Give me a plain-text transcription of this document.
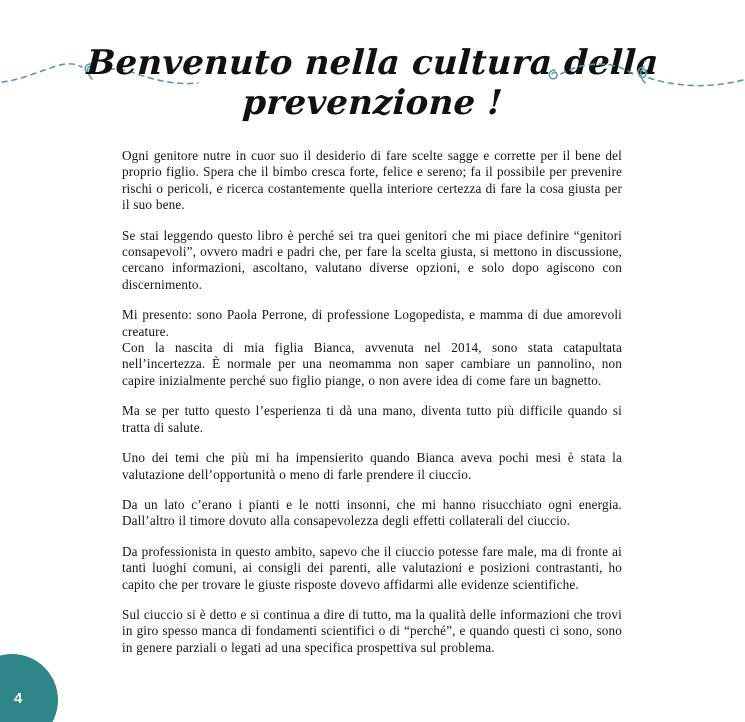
Benvenuto nella cultura della
prevenzione !

Ogni genitore nutre in cuor suo il desiderio di fare scelte sagge e corrette per il bene del proprio figlio. Spera che il bimbo cresca forte, felice e sereno; fa il possibile per prevenire rischi o pericoli, e ricerca costantemente quella interiore certezza di fare la cosa giusta per il suo bene.

Se stai leggendo questo libro è perché sei tra quei genitori che mi piace definire “genitori consapevoli”, ovvero madri e padri che, per fare la scelta giusta, si mettono in discussione, cercano informazioni, ascoltano, valutano diverse opzioni, e solo dopo agiscono con discernimento.

Mi presento: sono Paola Perrone, di professione Logopedista, e mamma di due amorevoli creature.

Con la nascita di mia figlia Bianca, avvenuta nel 2014, sono stata catapultata nell’incertezza. È normale per una neomamma non saper cambiare un pannolino, non capire inizialmente perché suo figlio piange, o non avere idea di come fare un bagnetto.

Ma se per tutto questo l’esperienza ti dà una mano, diventa tutto più difficile quando si tratta di salute.

Uno dei temi che più mi ha impensierito quando Bianca aveva pochi mesi è stata la valutazione dell’opportunità o meno di farle prendere il ciuccio.

Da un lato c’erano i pianti e le notti insonni, che mi hanno risucchiato ogni energia. Dall’altro il timore dovuto alla consapevolezza degli effetti collaterali del ciuccio.

Da professionista in questo ambito, sapevo che il ciuccio potesse fare male, ma di fronte ai tanti luoghi comuni, ai consigli dei parenti, alle valutazioni e posizioni contrastanti, ho capito che per trovare le giuste risposte dovevo affidarmi alle evidenze scientifiche.

Sul ciuccio si è detto e si continua a dire di tutto, ma la qualità delle informazioni che trovi in giro spesso manca di fondamenti scientifici o di “perché”, e quando questi ci sono, sono in genere parziali o legati ad una specifica prospettiva sul problema.

4
